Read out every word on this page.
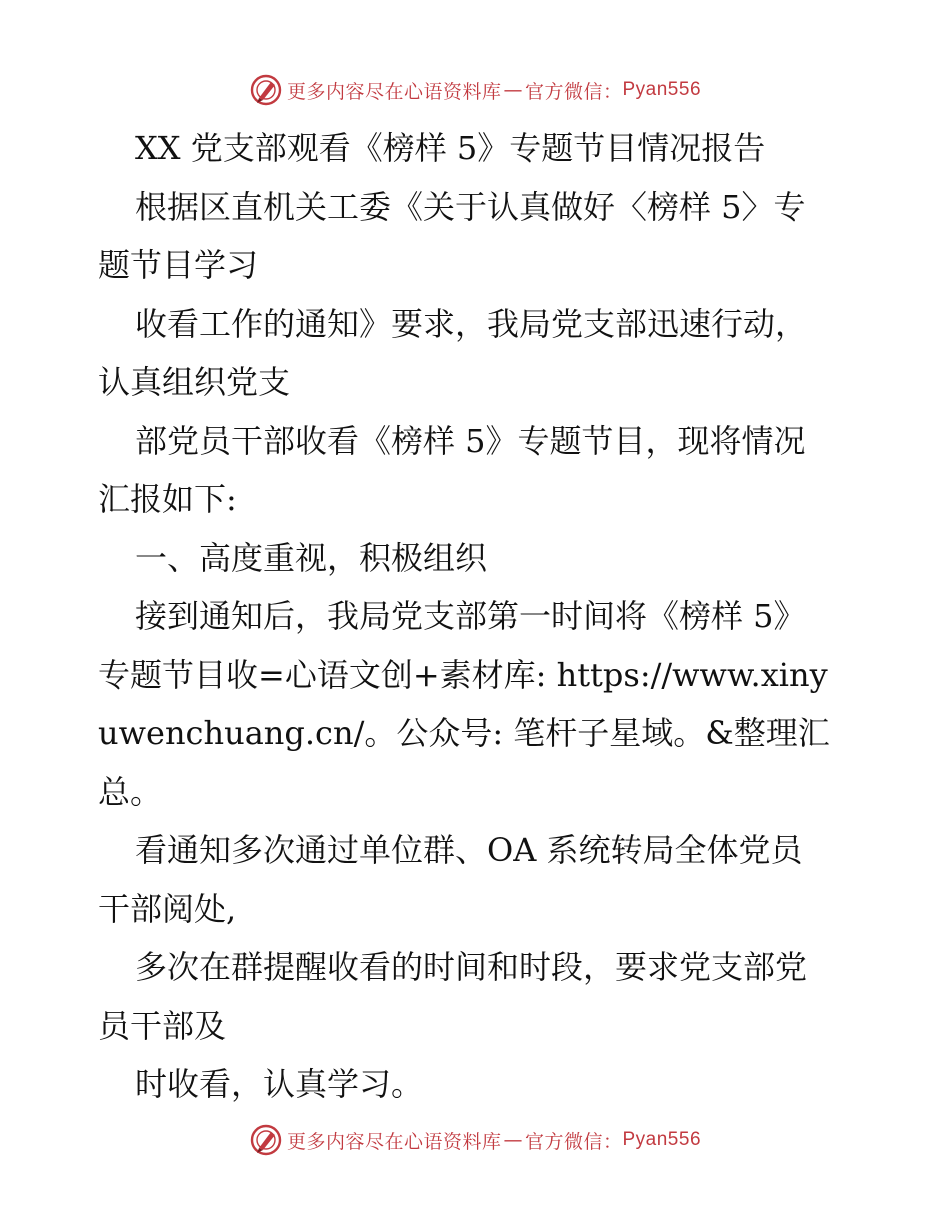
更多内容尽在心语资料库 — 官方微信： Pyan556
XX 党支部观看《榜样 5》专题节目情况报告
根据区直机关工委《关于认真做好〈榜样 5〉专
题节目学习
收看工作的通知》要求，我局党支部迅速行动，
认真组织党支
部党员干部收看《榜样 5》专题节目，现将情况
汇报如下:
一、高度重视，积极组织
接到通知后，我局党支部第一时间将《榜样 5》
专题节目收=心语文创+素材库: https://www.xiny
uwenchuang.cn/。公众号: 笔杆子星域。&整理汇
总。
看通知多次通过单位群、OA 系统转局全体党员
干部阅处,
多次在群提醒收看的时间和时段，要求党支部党
员干部及
时收看，认真学习。
更多内容尽在心语资料库 — 官方微信： Pyan556
